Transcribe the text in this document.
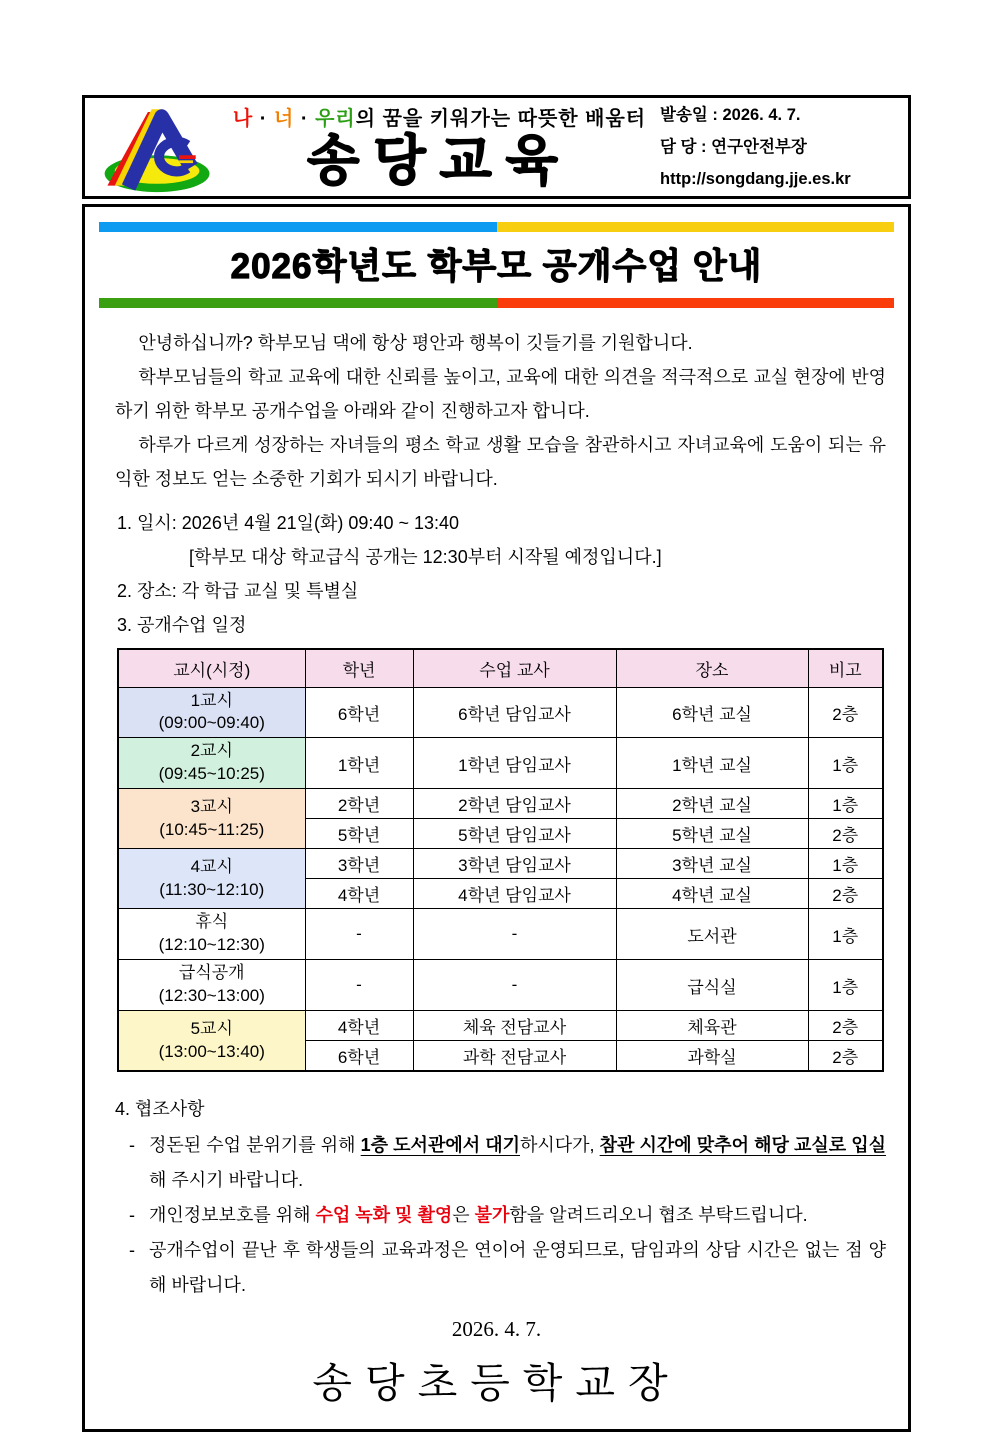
나 · 너 · 우리의 꿈을 키워가는 따뜻한 배움터
송당교육
발송일 : 2026. 4. 7.
담 당 : 연구안전부장
http://songdang.jje.es.kr
2026학년도 학부모 공개수업 안내

안녕하십니까? 학부모님 댁에 항상 평안과 행복이 깃들기를 기원합니다.

학부모님들의 학교 교육에 대한 신뢰를 높이고, 교육에 대한 의견을 적극적으로 교실 현장에 반영하기 위한 학부모 공개수업을 아래와 같이 진행하고자 합니다.

하루가 다르게 성장하는 자녀들의 평소 학교 생활 모습을 참관하시고 자녀교육에 도움이 되는 유익한 정보도 얻는 소중한 기회가 되시기 바랍니다.

1. 일시: 2026년 4월 21일(화) 09:40 ~ 13:40
[학부모 대상 학교급식 공개는 12:30부터 시작될 예정입니다.]
2. 장소: 각 학급 교실 및 특별실
3. 공개수업 일정
교시(시정)	학년	수업 교사	장소	비고

1교시
(09:00~09:40)	6학년	6학년 담임교사	6학년 교실	2층

2교시
(09:45~10:25)	1학년	1학년 담임교사	1학년 교실	1층

3교시
(10:45~11:25)	2학년	2학년 담임교사	2학년 교실	1층
	5학년	5학년 담임교사	5학년 교실	2층

4교시
(11:30~12:10)	3학년	3학년 담임교사	3학년 교실	1층
	4학년	4학년 담임교사	4학년 교실	2층

휴식
(12:10~12:30)	-	-	도서관	1층

급식공개
(12:30~13:00)	-	-	급식실	1층

5교시
(13:00~13:40)	4학년	체육 전담교사	체육관	2층
	6학년	과학 전담교사	과학실	2층
4. 협조사항
- 정돈된 수업 분위기를 위해 1층 도서관에서 대기하시다가, 참관 시간에 맞추어 해당 교실로 입실해 주시기 바랍니다.
- 개인정보보호를 위해 수업 녹화 및 촬영은 불가함을 알려드리오니 협조 부탁드립니다.
- 공개수업이 끝난 후 학생들의 교육과정은 연이어 운영되므로, 담임과의 상담 시간은 없는 점 양해 바랍니다.
2026. 4. 7.
송당초등학교장
